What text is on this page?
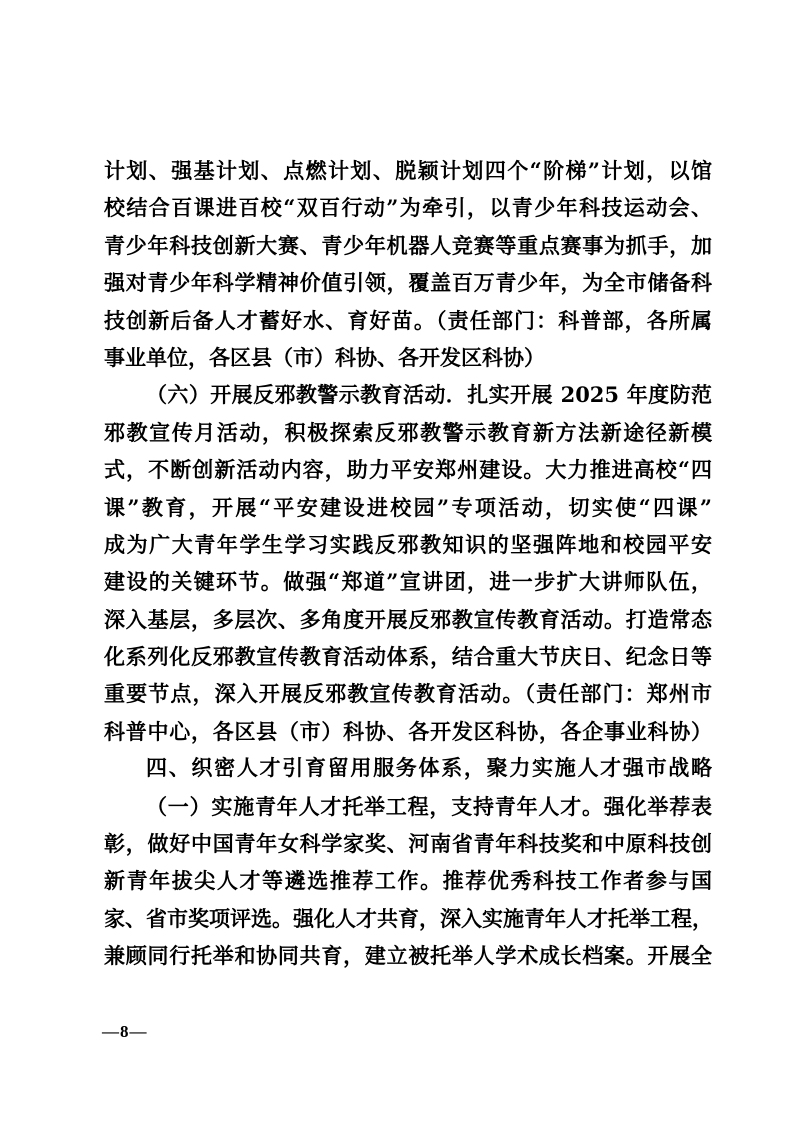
计划、强基计划、点燃计划、脱颖计划四个“阶梯”计划，以馆
校结合百课进百校“双百行动”为牵引，以青少年科技运动会、
青少年科技创新大赛、青少年机器人竞赛等重点赛事为抓手，加
强对青少年科学精神价值引领，覆盖百万青少年，为全市储备科
技创新后备人才蓄好水、育好苗。（责任部门：科普部，各所属
事业单位，各区县（市）科协、各开发区科协）
（六）开展反邪教警示教育活动．扎实开展 2025 年度防范
邪教宣传月活动，积极探索反邪教警示教育新方法新途径新模
式，不断创新活动内容，助力平安郑州建设。大力推进高校“四
课”教育，开展“平安建设进校园”专项活动，切实使“四课”
成为广大青年学生学习实践反邪教知识的坚强阵地和校园平安
建设的关键环节。做强“郑道”宣讲团，进一步扩大讲师队伍，
深入基层，多层次、多角度开展反邪教宣传教育活动。打造常态
化系列化反邪教宣传教育活动体系，结合重大节庆日、纪念日等
重要节点，深入开展反邪教宣传教育活动。（责任部门：郑州市
科普中心，各区县（市）科协、各开发区科协，各企事业科协）
四、织密人才引育留用服务体系，聚力实施人才强市战略
（一）实施青年人才托举工程，支持青年人才。强化举荐表
彰，做好中国青年女科学家奖、河南省青年科技奖和中原科技创
新青年拔尖人才等遴选推荐工作。推荐优秀科技工作者参与国
家、省市奖项评选。强化人才共育，深入实施青年人才托举工程，
兼顾同行托举和协同共育，建立被托举人学术成长档案。开展全
—8—
